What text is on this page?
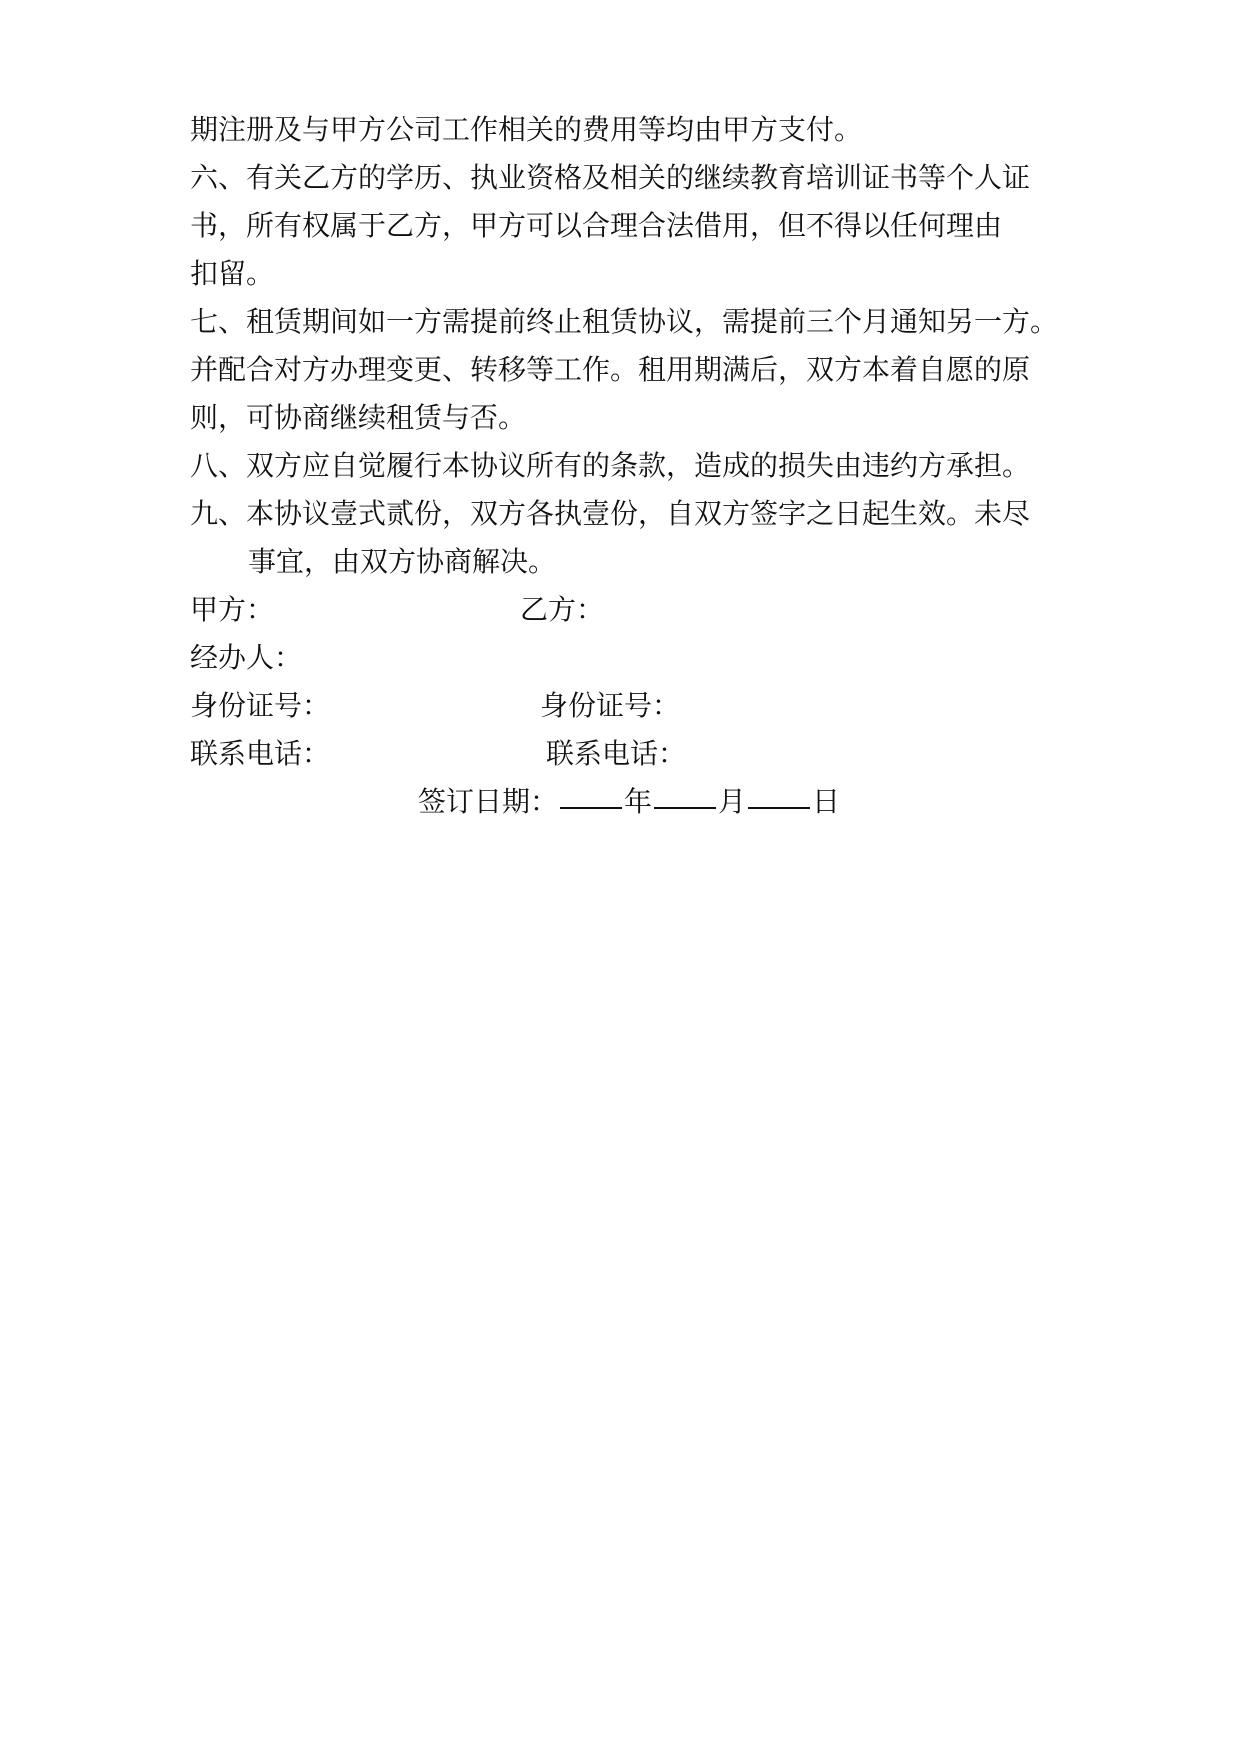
期注册及与甲方公司工作相关的费用等均由甲方支付。
六、有关乙方的学历、执业资格及相关的继续教育培训证书等个人证
书，所有权属于乙方，甲方可以合理合法借用，但不得以任何理由
扣留。
七、租赁期间如一方需提前终止租赁协议，需提前三个月通知另一方。
并配合对方办理变更、转移等工作。租用期满后，双方本着自愿的原
则，可协商继续租赁与否。
八、双方应自觉履行本协议所有的条款，造成的损失由违约方承担。
九、本协议壹式贰份，双方各执壹份，自双方签字之日起生效。未尽
事宜，由双方协商解决。
甲方：	乙方：
经办人：
身份证号：	身份证号：
联系电话：	联系电话：
签订日期： 年 月 日
